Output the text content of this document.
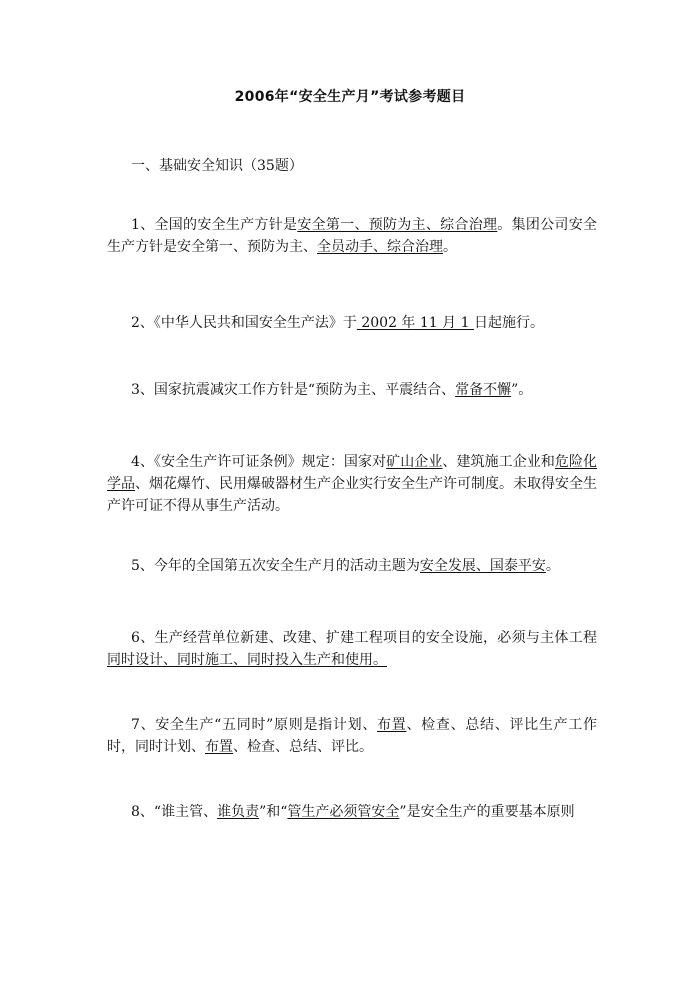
2006年“安全生产月”考试参考题目
一、基础安全知识（35题）

1、全国的安全生产方针是安全第一、预防为主、综合治理。集团公司安全生产方针是安全第一、预防为主、全员动手、综合治理。

2、《中华人民共和国安全生产法》于 2002 年 11 月 1 日起施行。

3、国家抗震减灾工作方针是“预防为主、平震结合、常备不懈”。

4、《安全生产许可证条例》规定：国家对矿山企业、建筑施工企业和危险化学品、烟花爆竹、民用爆破器材生产企业实行安全生产许可制度。未取得安全生产许可证不得从事生产活动。

5、今年的全国第五次安全生产月的活动主题为安全发展、国泰平安。

6、生产经营单位新建、改建、扩建工程项目的安全设施，必须与主体工程同时设计、同时施工、同时投入生产和使用。

7、安全生产“五同时”原则是指计划、布置、检查、总结、评比生产工作时，同时计划、布置、检查、总结、评比。

8、“谁主管、谁负责”和“管生产必须管安全”是安全生产的重要基本原则
